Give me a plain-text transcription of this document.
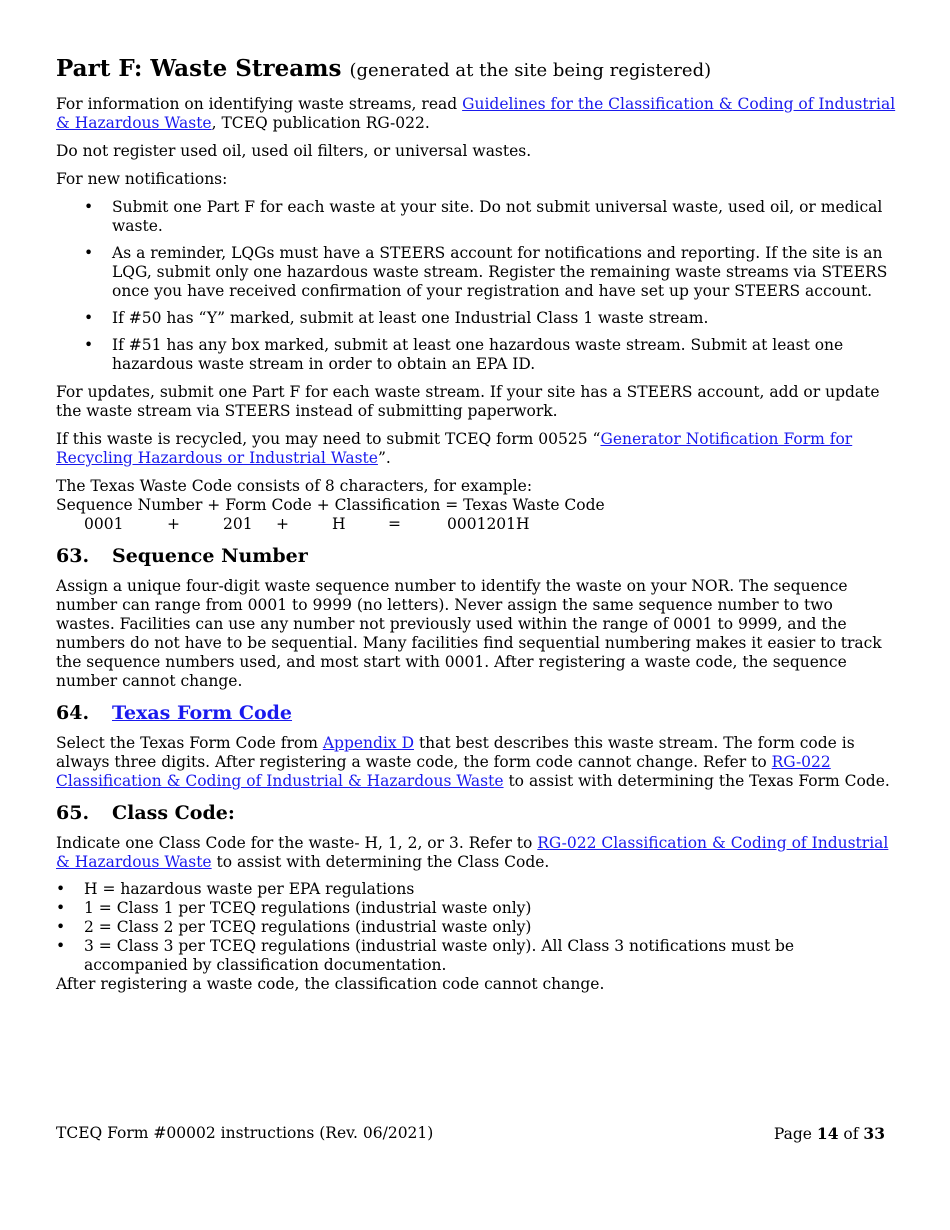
Part F: Waste Streams (generated at the site being registered)

For information on identifying waste streams, read Guidelines for the Classification & Coding of Industrial & Hazardous Waste, TCEQ publication RG-022.

Do not register used oil, used oil filters, or universal wastes.

For new notifications:

• Submit one Part F for each waste at your site. Do not submit universal waste, used oil, or medical waste.
• As a reminder, LQGs must have a STEERS account for notifications and reporting. If the site is an LQG, submit only one hazardous waste stream. Register the remaining waste streams via STEERS once you have received confirmation of your registration and have set up your STEERS account.
• If #50 has “Y” marked, submit at least one Industrial Class 1 waste stream.
• If #51 has any box marked, submit at least one hazardous waste stream. Submit at least one hazardous waste stream in order to obtain an EPA ID.

For updates, submit one Part F for each waste stream. If your site has a STEERS account, add or update the waste stream via STEERS instead of submitting paperwork.

If this waste is recycled, you may need to submit TCEQ form 00525 “Generator Notification Form for Recycling Hazardous or Industrial Waste”.

The Texas Waste Code consists of 8 characters, for example:
Sequence Number + Form Code + Classification = Texas Waste Code
0001	+	201	+	H	=	0001201H
63.	Sequence Number

Assign a unique four-digit waste sequence number to identify the waste on your NOR. The sequence number can range from 0001 to 9999 (no letters). Never assign the same sequence number to two wastes. Facilities can use any number not previously used within the range of 0001 to 9999, and the numbers do not have to be sequential. Many facilities find sequential numbering makes it easier to track the sequence numbers used, and most start with 0001. After registering a waste code, the sequence number cannot change.

64.	Texas Form Code

Select the Texas Form Code from Appendix D that best describes this waste stream. The form code is always three digits. After registering a waste code, the form code cannot change. Refer to RG-022 Classification & Coding of Industrial & Hazardous Waste to assist with determining the Texas Form Code.

65.	Class Code:

Indicate one Class Code for the waste- H, 1, 2, or 3. Refer to RG-022 Classification & Coding of Industrial & Hazardous Waste to assist with determining the Class Code.

• H = hazardous waste per EPA regulations
• 1 = Class 1 per TCEQ regulations (industrial waste only)
• 2 = Class 2 per TCEQ regulations (industrial waste only)
• 3 = Class 3 per TCEQ regulations (industrial waste only). All Class 3 notifications must be accompanied by classification documentation.
After registering a waste code, the classification code cannot change.
TCEQ Form #00002 instructions (Rev. 06/2021)	Page 14 of 33
